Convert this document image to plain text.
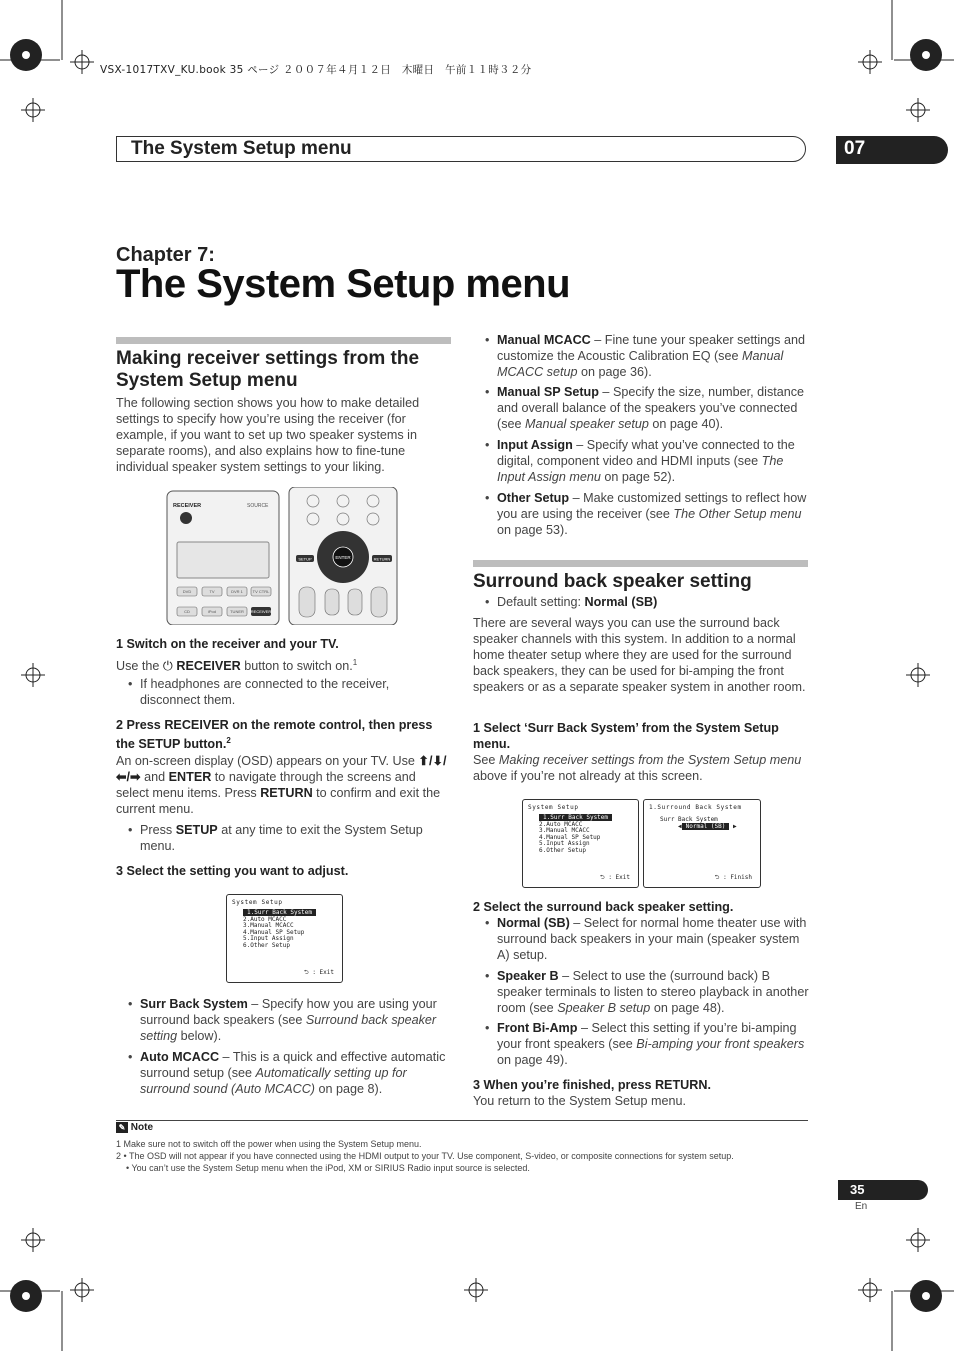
VSX-1017TXV_KU.book 35 ページ ２００７年４月１２日　木曜日　午前１１時３２分
The System Setup menu	07
Chapter 7:
The System Setup menu
Making receiver settings from the System Setup menu
The following section shows you how to make detailed settings to specify how you’re using the receiver (for example, if you want to set up two speaker systems in separate rooms), and also explains how to fine-tune individual speaker system settings to your liking.
RECEIVER	SOURCE
DVD	TV	DVR 1 TV CTRL
CD	iPod	TUNER RECEIVER
ENTER
SETUP	RETURN
1 Switch on the receiver and your TV.
Use the ⏻ RECEIVER button to switch on.$^1$
• If headphones are connected to the receiver, disconnect them.
2 Press RECEIVER on the remote control, then press the SETUP button.$^2$
An on-screen display (OSD) appears on your TV. Use ⬆/⬇/⬅/➡ and ENTER to navigate through the screens and select menu items. Press RETURN to confirm and exit the current menu.
• Press SETUP at any time to exit the System Setup menu.
3 Select the setting you want to adjust.
System Setup
1.Surr Back System
2.Auto MCACC
3.Manual MCACC
4.Manual SP Setup
5.Input Assign
6.Other Setup
⮌ : Exit
• Surr Back System – Specify how you are using your surround back speakers (see Surround back speaker setting below).
• Auto MCACC – This is a quick and effective automatic surround setup (see Automatically setting up for surround sound (Auto MCACC) on page 8).
• Manual MCACC – Fine tune your speaker settings and customize the Acoustic Calibration EQ (see Manual MCACC setup on page 36).
• Manual SP Setup – Specify the size, number, distance and overall balance of the speakers you’ve connected (see Manual speaker setup on page 40).
• Input Assign – Specify what you’ve connected to the digital, component video and HDMI inputs (see The Input Assign menu on page 52).
• Other Setup – Make customized settings to reflect how you are using the receiver (see The Other Setup menu on page 53).
Surround back speaker setting
• Default setting: Normal (SB)
There are several ways you can use the surround back speaker channels with this system. In addition to a normal home theater setup where they are used for the surround back speakers, they can be used for bi-amping the front speakers or as a separate speaker system in another room.
1 Select ‘Surr Back System’ from the System Setup menu.
See Making receiver settings from the System Setup menu above if you’re not already at this screen.
System Setup
1.Surr Back System
2.Auto MCACC
3.Manual MCACC
4.Manual SP Setup
5.Input Assign
6.Other Setup
⮌ : Exit
1.Surround Back System
Surr Back System
◀ Normal (SB) ▶
⮌ : Finish
2 Select the surround back speaker setting.
• Normal (SB) – Select for normal home theater use with surround back speakers in your main (speaker system A) setup.
• Speaker B – Select to use the (surround back) B speaker terminals to listen to stereo playback in another room (see Speaker B setup on page 48).
• Front Bi-Amp – Select this setting if you’re bi-amping your front speakers (see Bi-amping your front speakers on page 49).
3 When you’re finished, press RETURN.
You return to the System Setup menu.
✎ Note
1 Make sure not to switch off the power when using the System Setup menu.
2 • The OSD will not appear if you have connected using the HDMI output to your TV. Use component, S-video, or composite connections for system setup.
• You can’t use the System Setup menu when the iPod, XM or SIRIUS Radio input source is selected.
35
En
